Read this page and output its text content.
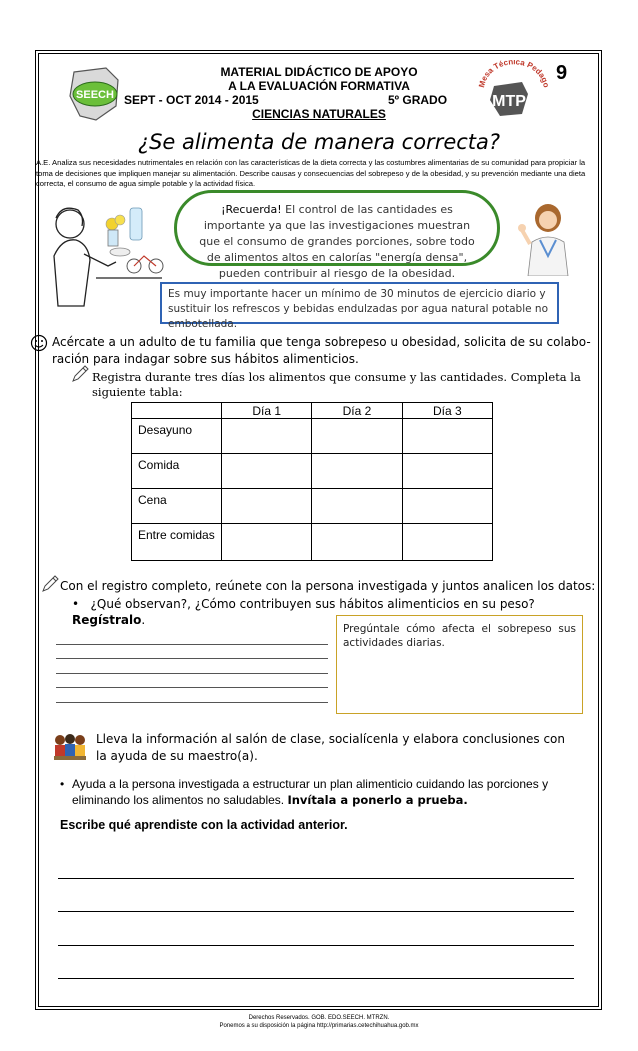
SEECH
Mesa Técnica Peda
MTP
9
MATERIAL DIDÁCTICO DE APOYO
A LA EVALUACIÓN FORMATIVA
SEPT - OCT 2014 - 2015	5º GRADO
CIENCIAS NATURALES
¿Se alimenta de manera correcta?
A.E. Analiza sus necesidades nutrimentales en relación con las características de la dieta correcta y las costumbres alimentarias de su comunidad para propiciar la toma de decisiones que impliquen manejar su alimentación. Describe causas y consecuencias del sobrepeso y de la obesidad, y su prevención mediante una dieta correcta, el consumo de agua simple potable y la actividad física.
¡Recuerda! El control de las cantidades es importante ya que las investigaciones muestran que el consumo de grandes porciones, sobre todo de alimentos altos en calorías "energía densa", pueden contribuir al riesgo de la obesidad.
Es muy importante hacer un mínimo de 30 minutos de ejercicio diario y sustituir los refrescos y bebidas endulzadas por agua natural potable no embotellada.
Acércate a un adulto de tu familia que tenga sobrepeso u obesidad, solicita de su colabo-ración para indagar sobre sus hábitos alimenticios.
Registra durante tres días los alimentos que consume y las cantidades. Completa la siguiente tabla:
	Día 1	Día 2	Día 3
Desayuno			
Comida			
Cena			
Entre comidas			
Con el registro completo, reúnete con la persona investigada y juntos analicen los datos:
•   ¿Qué observan?, ¿Cómo contribuyen sus hábitos alimenticios en su peso? Regístralo.
Pregúntale cómo afecta el sobrepeso sus actividades diarias.
Lleva la información al salón de clase, socialícenla y elabora conclusiones con la ayuda de su maestro(a).
• Ayuda a la persona investigada a estructurar un plan alimenticio cuidando las porciones y eliminando los alimentos no saludables. Invítala a ponerlo a prueba.
Escribe qué aprendiste con la actividad anterior.
Derechos Reservados. GOB. EDO.SEECH. MTRZN.
Ponemos a su disposición la página http://primarias.cetechihuahua.gob.mx
